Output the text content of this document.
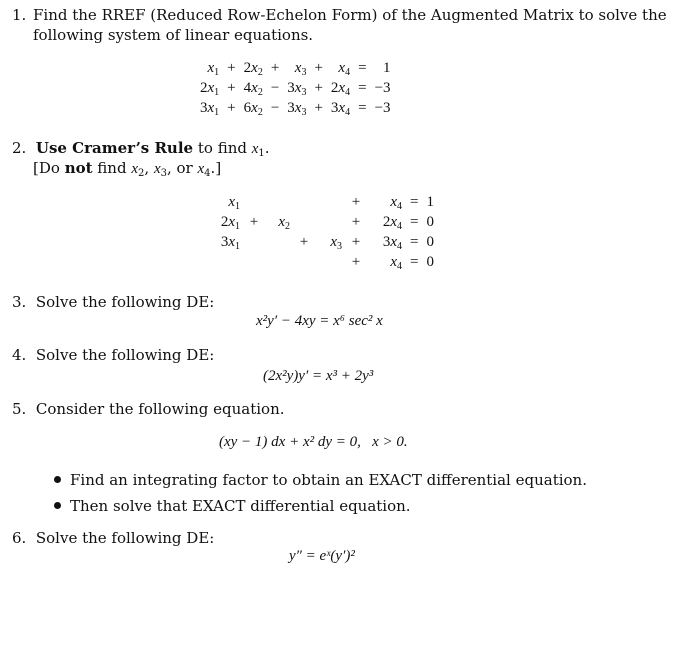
1. Find the RREF (Reduced Row-Echelon Form) of the Augmented Matrix to solve the
following system of linear equations.
$x_1$	+	$2x_2$	+	$x_3$	+	$x_4$	=	1
$2x_1$	+	$4x_2$	−	$3x_3$	+	$2x_4$	=	−3
$3x_1$	+	$6x_2$	−	$3x_3$	+	$3x_4$	=	−3
2. Use Cramer’s Rule to find $x_1$.
[Do not find $x_2$, $x_3$, or $x_4$.]
$x_1$					+	$x_4$	=	1
$2x_1$	+	$x_2$			+	$2x_4$	=	0
$3x_1$			+	$x_3$	+	$3x_4$	=	0
					+	$x_4$	=	0
3. Solve the following DE:
x²y′ − 4xy = x⁶ sec² x
4. Solve the following DE:
(2x²y)y′ = x³ + 2y³
5. Consider the following equation.
(xy − 1) dx + x² dy = 0,   x > 0.
Find an integrating factor to obtain an EXACT differential equation.
Then solve that EXACT differential equation.
6. Solve the following DE:
y″ = eˣ(y′)²
